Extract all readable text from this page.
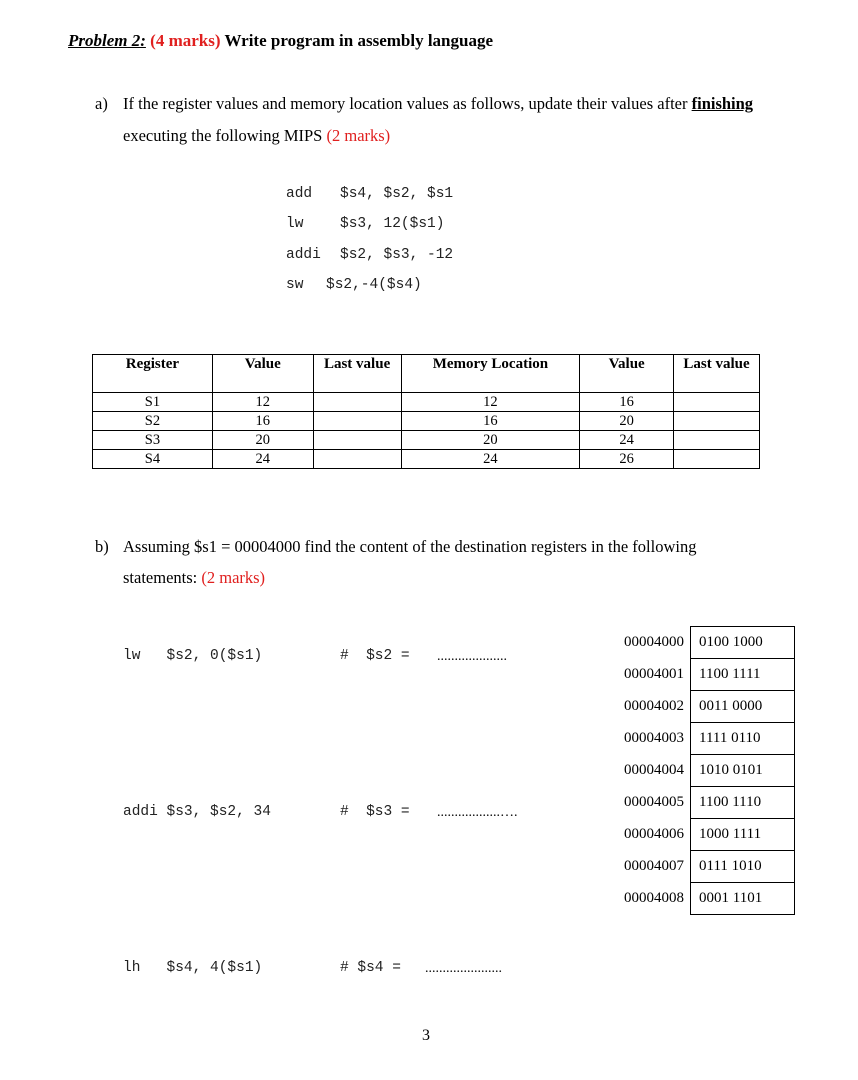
Problem 2: (4 marks) Write program in assembly language
a) If the register values and memory location values as follows, update their values after finishing
executing the following MIPS (2 marks)
add $s4, $s2, $s1
lw	$s3, 12($s1)
addi $s2, $s3, -12
sw $s2,-4($s4)
Register	Value	Last value	Memory Location	Value	Last value
S1	12		12	16	
S2	16		16	20	
S3	20		20	24	
S4	24		24	26	
b) Assuming $s1 = 00004000 find the content of the destination registers in the following
statements: (2 marks)
lw   $s2, 0($s1)	#  $s2 = ....................
addi $s3, $s2, 34	#  $s3 = ..................….
lh   $s4, 4($s1)	# $s4 = ......................
00004000	0100 1000
00004001	1100 1111
00004002	0011 0000
00004003	1111 0110
00004004	1010 0101
00004005	1100 1110
00004006	1000 1111
00004007	0111 1010
00004008	0001 1101
3
